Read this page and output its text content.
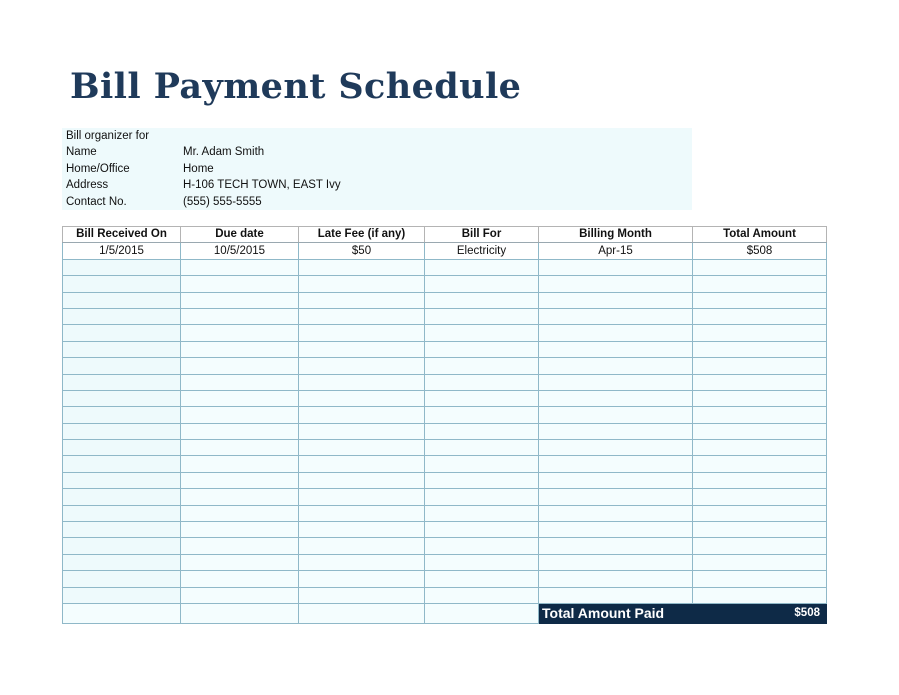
Bill Payment Schedule
Bill organizer for
Name	Mr. Adam Smith
Home/Office	Home
Address	H-106 TECH TOWN, EAST Ivy
Contact No.	(555) 555-5555
Bill Received On	Due date	Late Fee (if any)	Bill For	Billing Month	Total Amount
1/5/2015	10/5/2015	$50	Electricity	Apr-15	$508

				Total Amount Paid	$508
